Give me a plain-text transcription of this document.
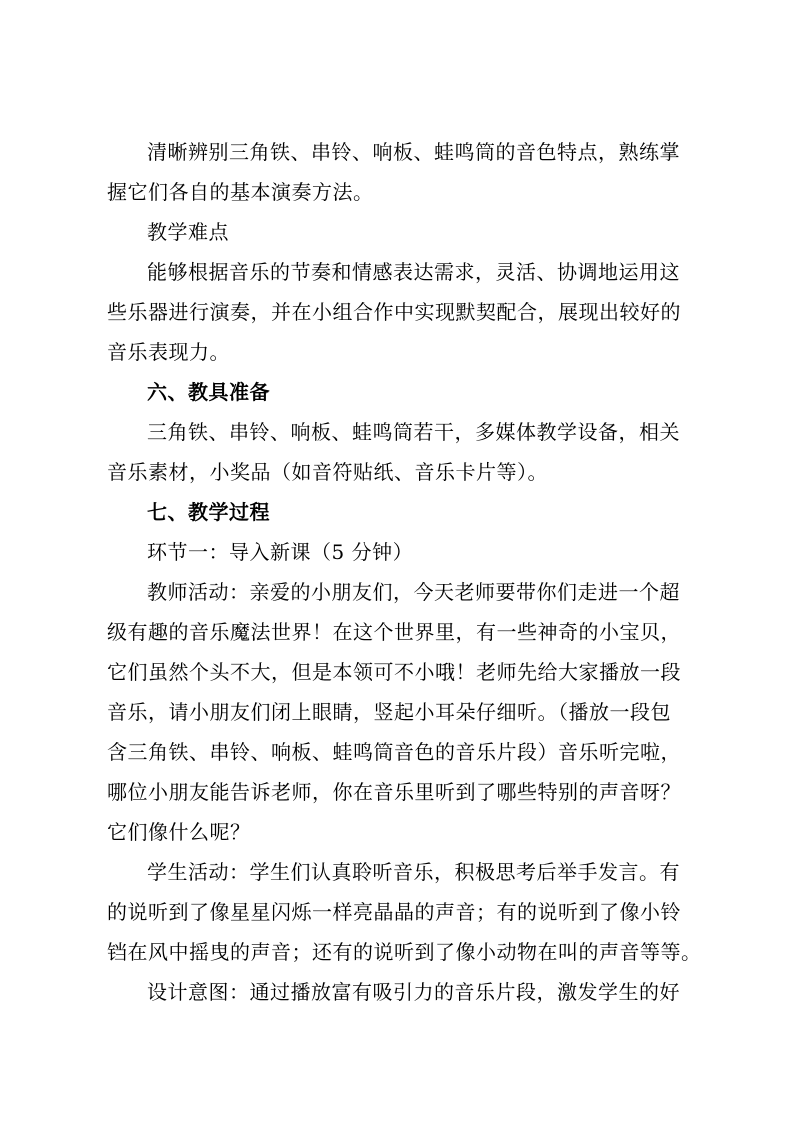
清晰辨别三角铁、串铃、响板、蛙鸣筒的音色特点，熟练掌
握它们各自的基本演奏方法。
教学难点
能够根据音乐的节奏和情感表达需求，灵活、协调地运用这
些乐器进行演奏，并在小组合作中实现默契配合，展现出较好的
音乐表现力。
六、教具准备
三角铁、串铃、响板、蛙鸣筒若干，多媒体教学设备，相关
音乐素材，小奖品（如音符贴纸、音乐卡片等）。
七、教学过程
环节一：导入新课（5 分钟）
教师活动：亲爱的小朋友们，今天老师要带你们走进一个超
级有趣的音乐魔法世界！在这个世界里，有一些神奇的小宝贝，
它们虽然个头不大，但是本领可不小哦！老师先给大家播放一段
音乐，请小朋友们闭上眼睛，竖起小耳朵仔细听。（播放一段包
含三角铁、串铃、响板、蛙鸣筒音色的音乐片段）音乐听完啦，
哪位小朋友能告诉老师，你在音乐里听到了哪些特别的声音呀？
它们像什么呢？
学生活动：学生们认真聆听音乐，积极思考后举手发言。有
的说听到了像星星闪烁一样亮晶晶的声音；有的说听到了像小铃
铛在风中摇曳的声音；还有的说听到了像小动物在叫的声音等等。
设计意图：通过播放富有吸引力的音乐片段，激发学生的好
